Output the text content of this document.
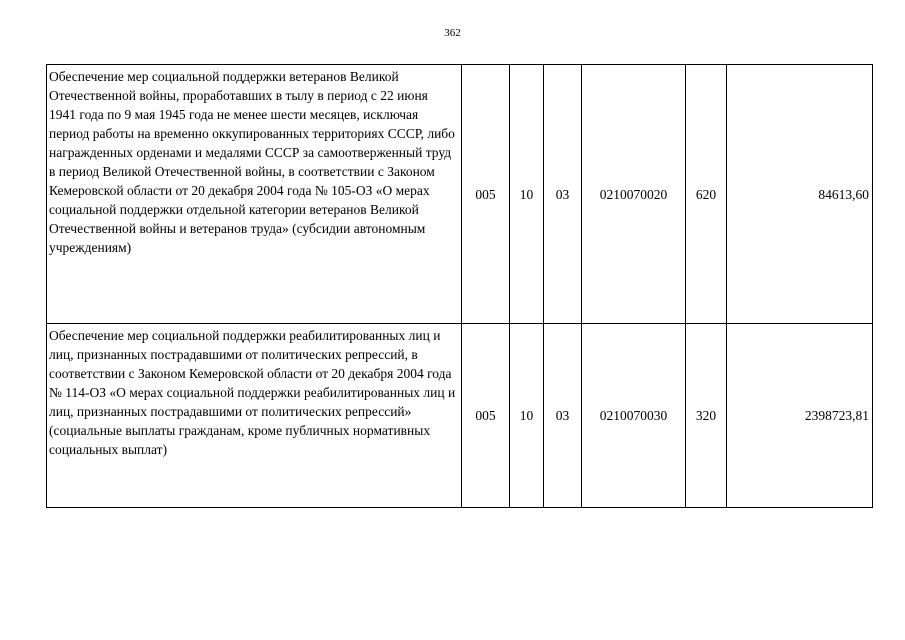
362
Обеспечение мер социальной поддержки ветеранов Великой Отечественной войны, проработавших в тылу в период с 22 июня 1941 года по 9 мая 1945 года не менее шести месяцев, исключая период работы на временно оккупированных территориях СССР, либо награжденных орденами и медалями СССР за самоотверженный труд в период Великой Отечественной войны, в соответствии с Законом Кемеровской области от 20 декабря 2004 года № 105-ОЗ «О мерах социальной поддержки отдельной категории ветеранов Великой Отечественной войны и ветеранов труда» (субсидии автономным учреждениям)	005	10	03	0210070020	620	84613,60
Обеспечение мер социальной поддержки реабилитированных лиц и лиц, признанных пострадавшими от политических репрессий, в соответствии с Законом Кемеровской области от 20 декабря 2004 года № 114-ОЗ «О мерах социальной поддержки реабилитированных лиц и лиц, признанных пострадавшими от политических репрессий» (социальные выплаты гражданам, кроме публичных нормативных социальных выплат)	005	10	03	0210070030	320	2398723,81
